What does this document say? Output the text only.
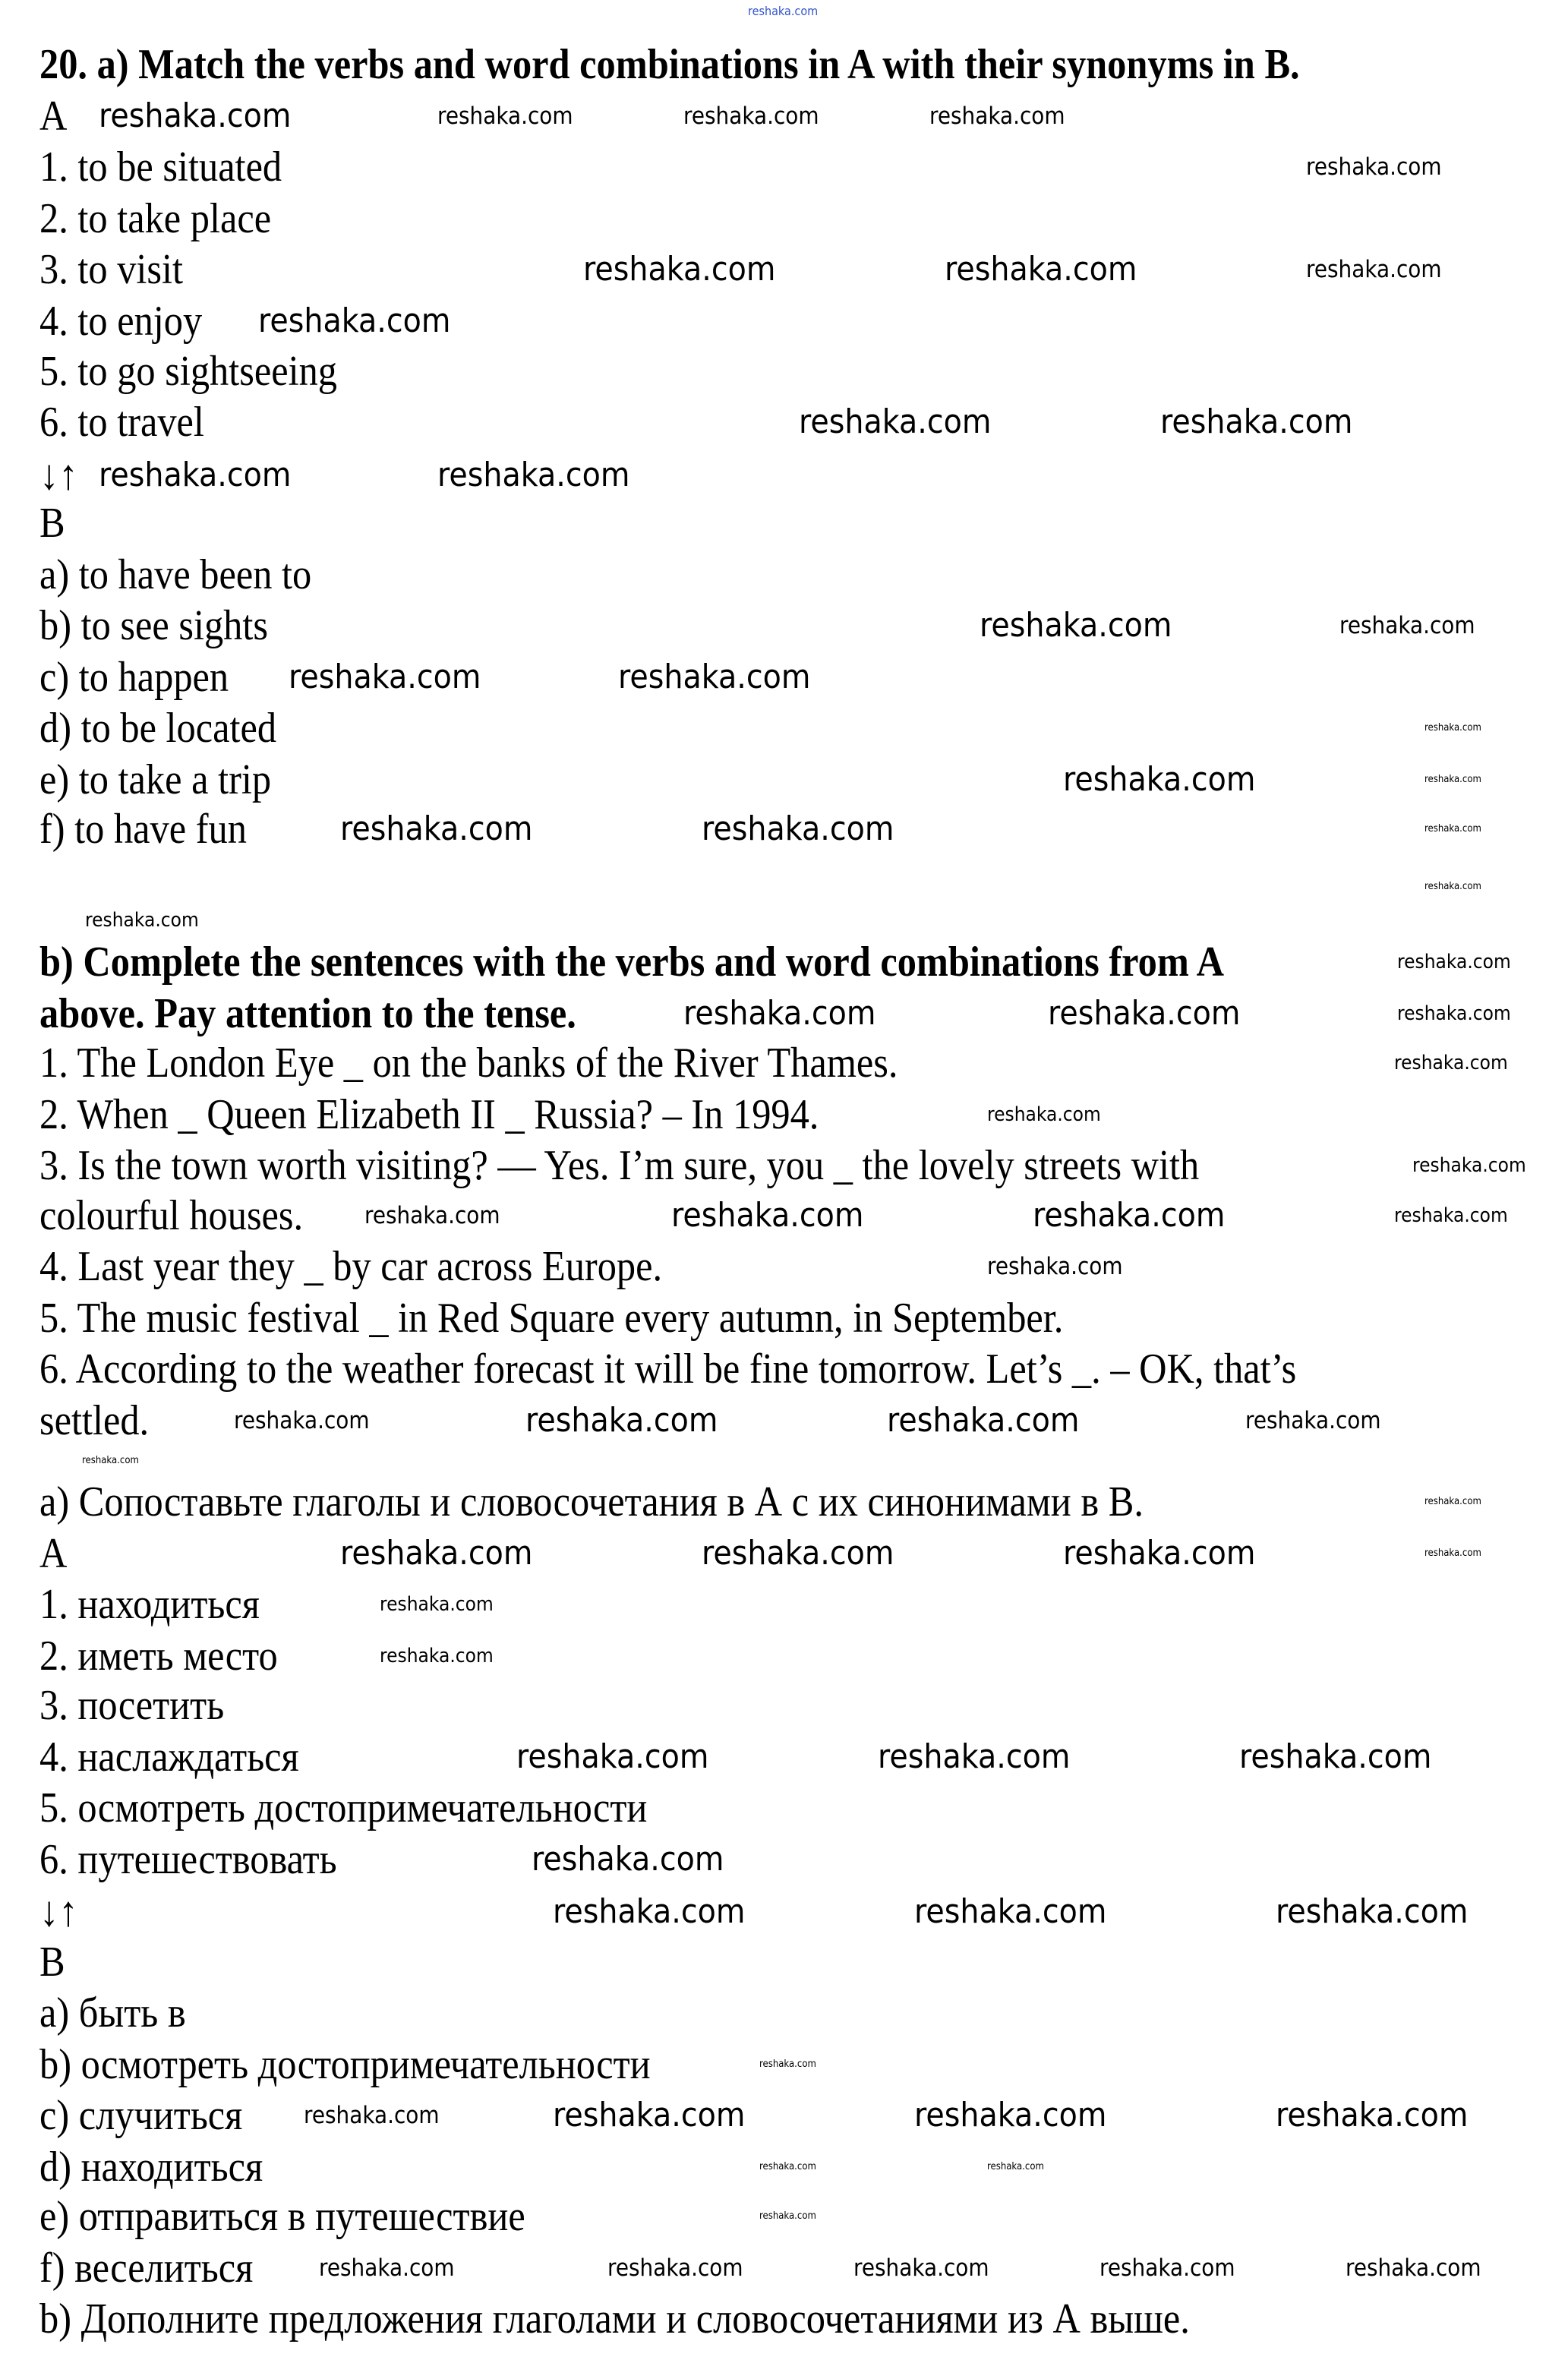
20. a) Match the verbs and word combinations in A with their synonyms in B.
A
1. to be situated
2. to take place
3. to visit
4. to enjoy
5. to go sightseeing
6. to travel
↓↑
B
a) to have been to
b) to see sights
c) to happen
d) to be located
e) to take a trip
f) to have fun
b) Complete the sentences with the verbs and word combinations from A
above. Pay attention to the tense.
1. The London Eye _ on the banks of the River Thames.
2. When _ Queen Elizabeth II _ Russia? – In 1994.
3. Is the town worth visiting? — Yes. I’m sure, you _ the lovely streets with
colourful houses.
4. Last year they _ by car across Europe.
5. The music festival _ in Red Square every autumn, in September.
6. According to the weather forecast it will be fine tomorrow. Let’s _. – OK, that’s
settled.
a) Сопоставьте глаголы и словосочетания в А с их синонимами в В.
A
1. находиться
2. иметь место
3. посетить
4. наслаждаться
5. осмотреть достопримечательности
6. путешествовать
↓↑
B
a) быть в
b) осмотреть достопримечательности
c) случиться
d) находиться
e) отправиться в путешествие
f) веселиться
b) Дополните предложения глаголами и словосочетаниями из А выше.
reshaka.com
reshaka.com	reshaka.com	reshaka.com	reshaka.com
reshaka.com
reshaka.com	reshaka.com	reshaka.com
reshaka.com
reshaka.com	reshaka.com
reshaka.com	reshaka.com
reshaka.com	reshaka.com
reshaka.com	reshaka.com
reshaka.com
reshaka.com	reshaka.com
reshaka.com	reshaka.com	reshaka.com
reshaka.com
reshaka.com
reshaka.com
reshaka.com	reshaka.com	reshaka.com
reshaka.com
reshaka.com
reshaka.com
reshaka.com	reshaka.com
reshaka.com	reshaka.com
reshaka.com
reshaka.com	reshaka.com	reshaka.com	reshaka.com
reshaka.com
reshaka.com
reshaka.com
reshaka.com	reshaka.com	reshaka.com
reshaka.com
reshaka.com
reshaka.com	reshaka.com	reshaka.com
reshaka.com
reshaka.com	reshaka.com	reshaka.com
reshaka.com	reshaka.com	reshaka.com	reshaka.com
reshaka.com
reshaka.com
reshaka.com
reshaka.com
reshaka.com	reshaka.com	reshaka.com	reshaka.com	reshaka.com
